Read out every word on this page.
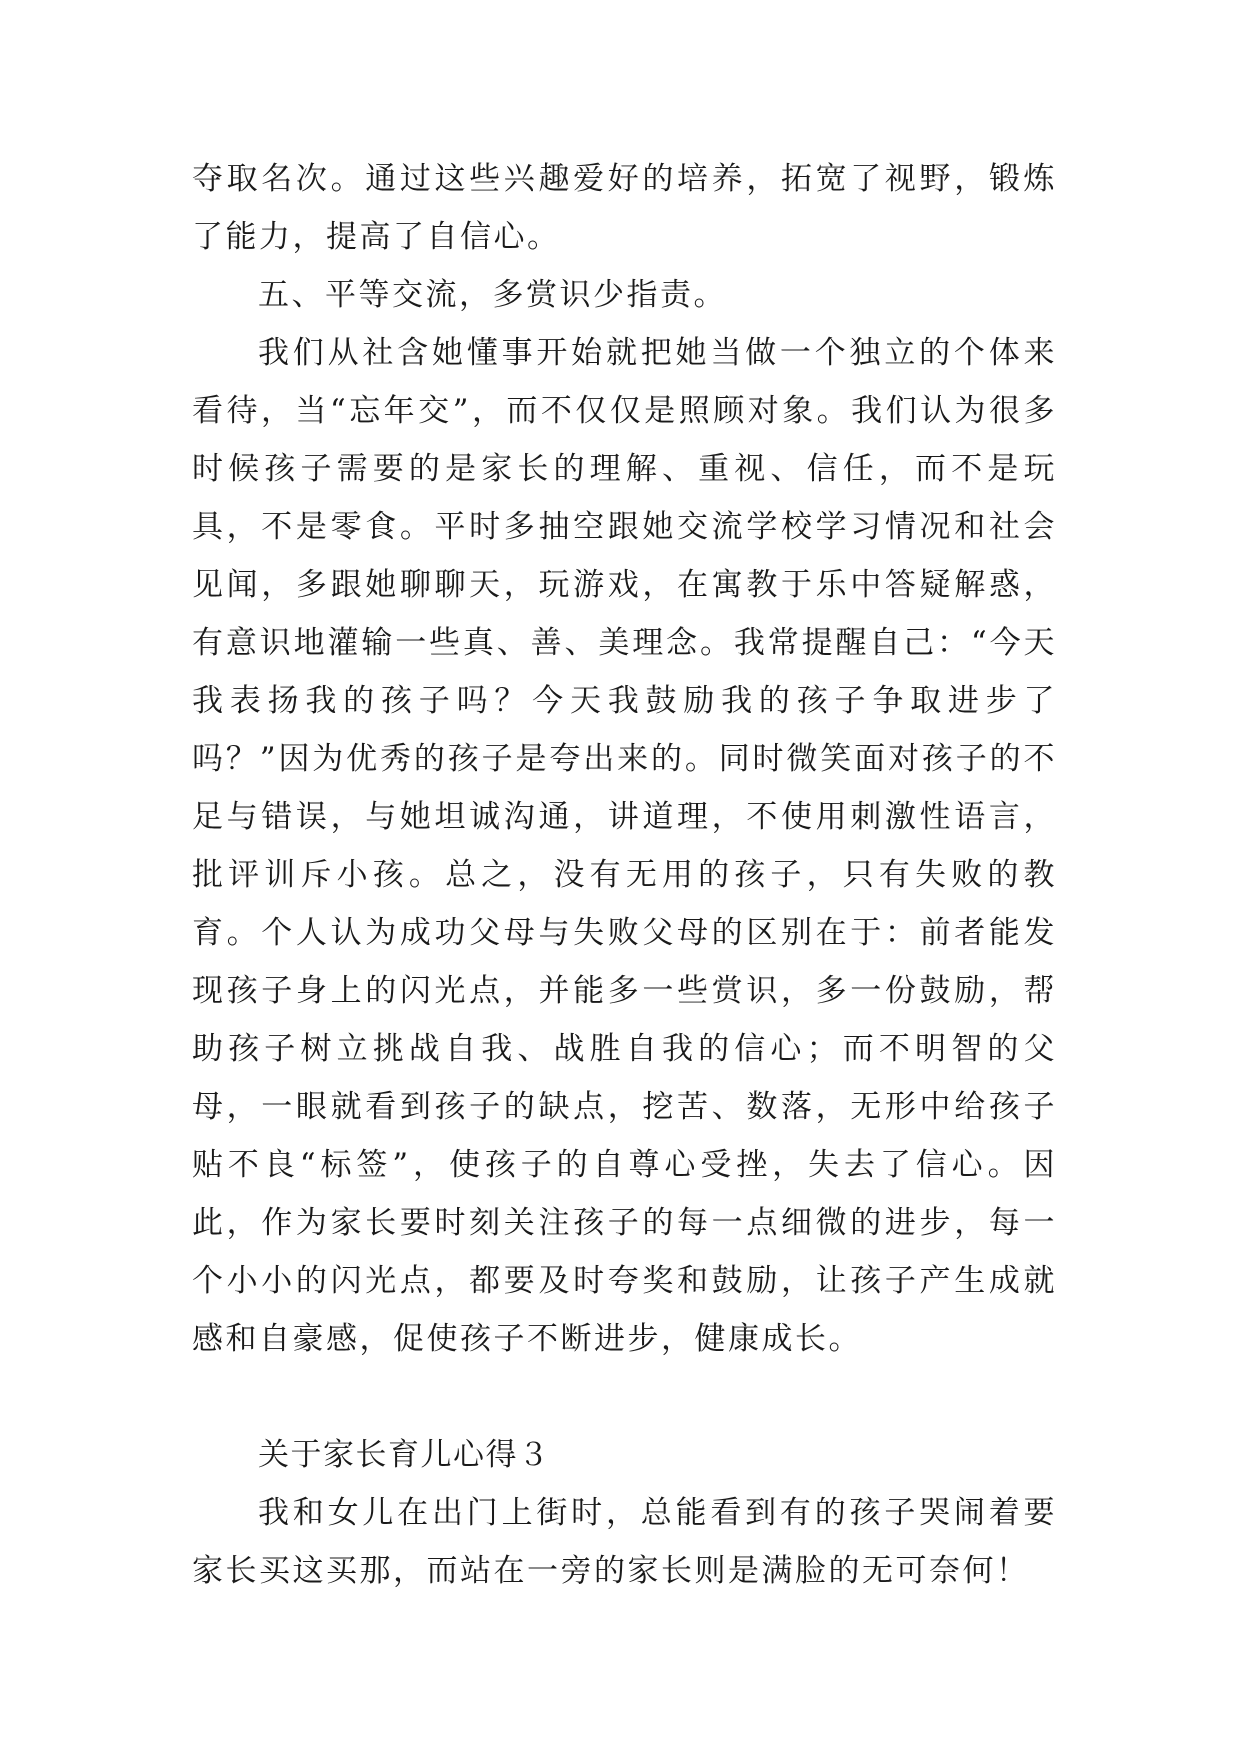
夺取名次。通过这些兴趣爱好的培养，拓宽了视野，锻炼了能力，提高了自信心。

五、平等交流，多赏识少指责。

我们从社含她懂事开始就把她当做一个独立的个体来看待，当“忘年交”，而不仅仅是照顾对象。我们认为很多时候孩子需要的是家长的理解、重视、信任，而不是玩具，不是零食。平时多抽空跟她交流学校学习情况和社会见闻，多跟她聊聊天，玩游戏，在寓教于乐中答疑解惑，有意识地灌输一些真、善、美理念。我常提醒自己：“今天我表扬我的孩子吗？今天我鼓励我的孩子争取进步了吗？”因为优秀的孩子是夸出来的。同时微笑面对孩子的不足与错误，与她坦诚沟通，讲道理，不使用刺激性语言，批评训斥小孩。总之，没有无用的孩子，只有失败的教育。个人认为成功父母与失败父母的区别在于：前者能发现孩子身上的闪光点，并能多一些赏识，多一份鼓励，帮助孩子树立挑战自我、战胜自我的信心；而不明智的父母，一眼就看到孩子的缺点，挖苦、数落，无形中给孩子贴不良“标签”，使孩子的自尊心受挫，失去了信心。因此，作为家长要时刻关注孩子的每一点细微的进步，每一个小小的闪光点，都要及时夸奖和鼓励，让孩子产生成就感和自豪感，促使孩子不断进步，健康成长。

关于家长育儿心得３

我和女儿在出门上街时，总能看到有的孩子哭闹着要家长买这买那，而站在一旁的家长则是满脸的无可奈何！
